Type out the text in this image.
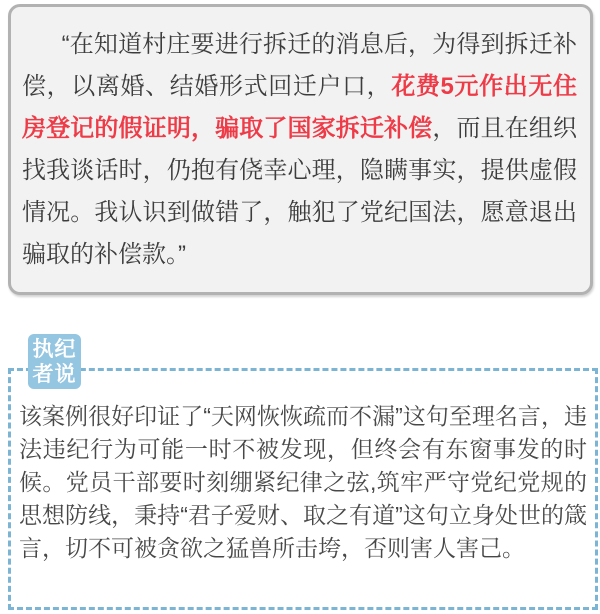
“在知道村庄要进行拆迁的消息后，为得到拆迁补偿，以离婚、结婚形式回迁户口，花费5元作出无住房登记的假证明，骗取了国家拆迁补偿，而且在组织找我谈话时，仍抱有侥幸心理，隐瞒事实，提供虚假情况。我认识到做错了，触犯了党纪国法，愿意退出骗取的补偿款。”

执纪
者说

该案例很好印证了“天网恢恢疏而不漏”这句至理名言，违法违纪行为可能一时不被发现，但终会有东窗事发的时候。党员干部要时刻绷紧纪律之弦,筑牢严守党纪党规的思想防线，秉持“君子爱财、取之有道”这句立身处世的箴言，切不可被贪欲之猛兽所击垮，否则害人害己。
